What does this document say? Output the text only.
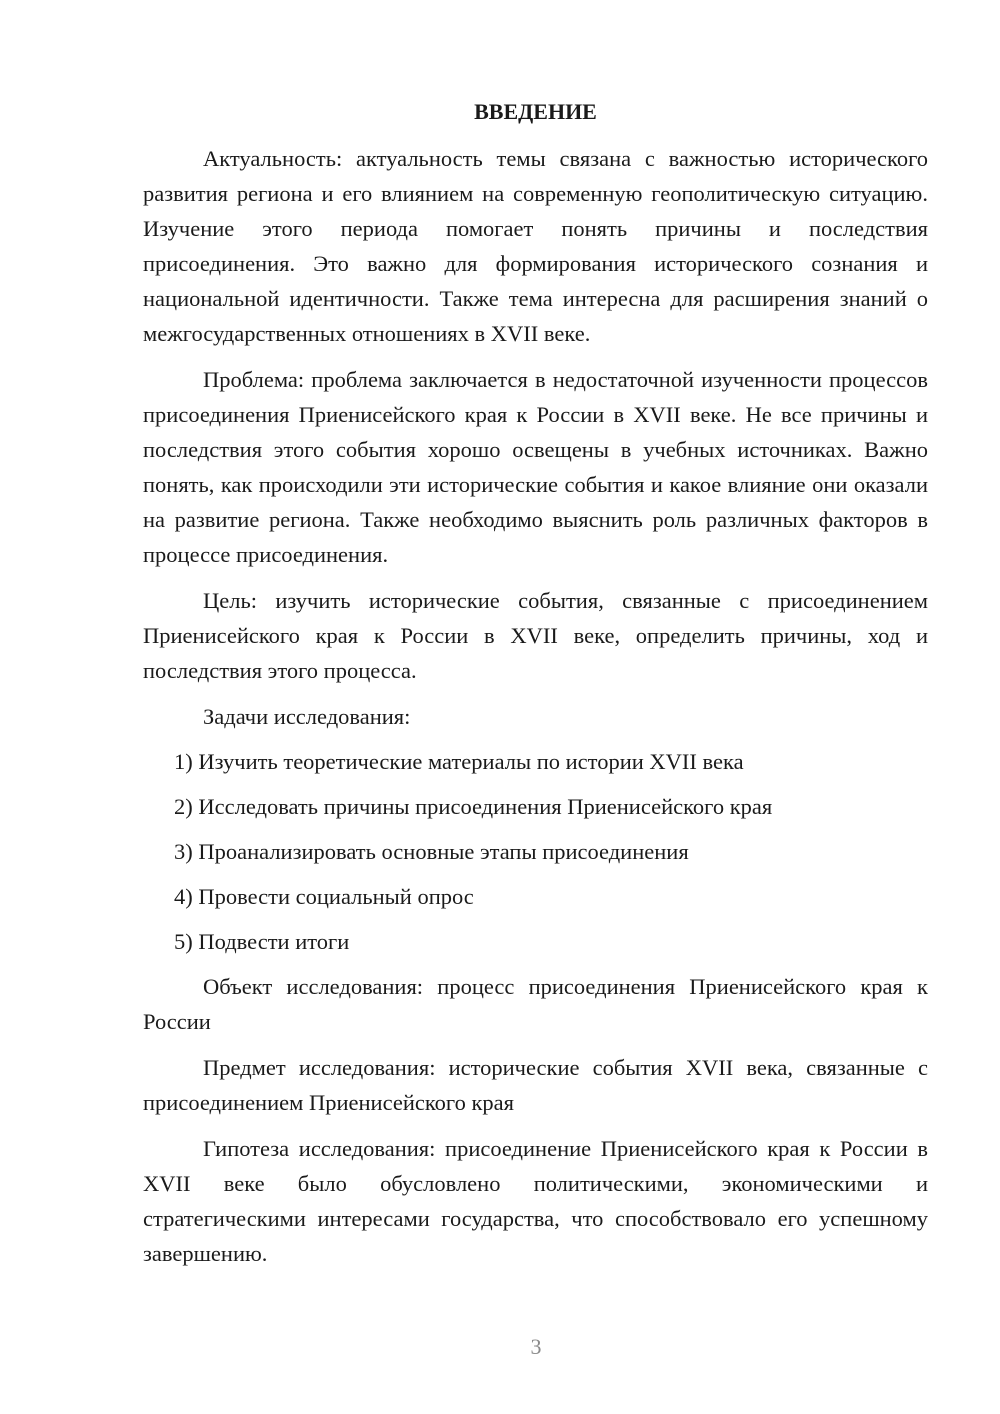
ВВЕДЕНИЕ

Актуальность: актуальность темы связана с важностью исторического развития региона и его влиянием на современную геополитическую ситуацию. Изучение этого периода помогает понять причины и последствия присоединения. Это важно для формирования исторического сознания и национальной идентичности. Также тема интересна для расширения знаний о межгосударственных отношениях в XVII веке.

Проблема: проблема заключается в недостаточной изученности процессов присоединения Приенисейского края к России в XVII веке. Не все причины и последствия этого события хорошо освещены в учебных источниках. Важно понять, как происходили эти исторические события и какое влияние они оказали на развитие региона. Также необходимо выяснить роль различных факторов в процессе присоединения.

Цель: изучить исторические события, связанные с присоединением Приенисейского края к России в XVII веке, определить причины, ход и последствия этого процесса.

Задачи исследования:

1) Изучить теоретические материалы по истории XVII века
2) Исследовать причины присоединения Приенисейского края
3) Проанализировать основные этапы присоединения
4) Провести социальный опрос
5) Подвести итоги

Объект исследования: процесс присоединения Приенисейского края к России

Предмет исследования: исторические события XVII века, связанные с присоединением Приенисейского края

Гипотеза исследования: присоединение Приенисейского края к России в XVII веке было обусловлено политическими, экономическими и стратегическими интересами государства, что способствовало его успешному завершению.

3
